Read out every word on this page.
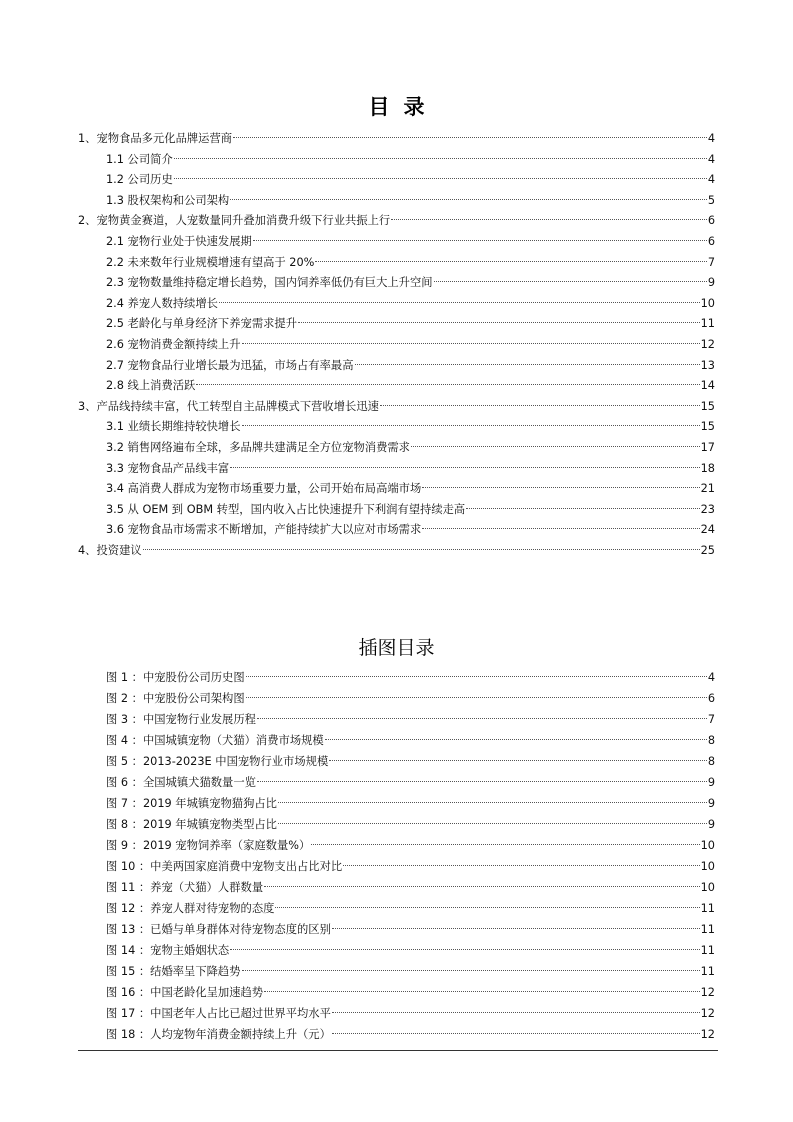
目录
1、宠物食品多元化品牌运营商	4
1.1 公司简介	4
1.2 公司历史	4
1.3 股权架构和公司架构	5
2、宠物黄金赛道，人宠数量同升叠加消费升级下行业共振上行	6
2.1 宠物行业处于快速发展期	6
2.2 未来数年行业规模增速有望高于 20%	7
2.3 宠物数量维持稳定增长趋势，国内饲养率低仍有巨大上升空间	9
2.4 养宠人数持续增长	10
2.5 老龄化与单身经济下养宠需求提升	11
2.6 宠物消费金额持续上升	12
2.7 宠物食品行业增长最为迅猛，市场占有率最高	13
2.8 线上消费活跃	14
3、产品线持续丰富，代工转型自主品牌模式下营收增长迅速	15
3.1 业绩长期维持较快增长	15
3.2 销售网络遍布全球，多品牌共建满足全方位宠物消费需求	17
3.3 宠物食品产品线丰富	18
3.4 高消费人群成为宠物市场重要力量，公司开始布局高端市场	21
3.5 从 OEM 到 OBM 转型，国内收入占比快速提升下利润有望持续走高	23
3.6 宠物食品市场需求不断增加，产能持续扩大以应对市场需求	24
4、投资建议	25
插图目录
图 1 ：中宠股份公司历史图	4
图 2 ：中宠股份公司架构图	6
图 3 ：中国宠物行业发展历程	7
图 4 ：中国城镇宠物（犬猫）消费市场规模	8
图 5 ：2013-2023E 中国宠物行业市场规模	8
图 6 ：全国城镇犬猫数量一览	9
图 7 ：2019 年城镇宠物猫狗占比	9
图 8 ：2019 年城镇宠物类型占比	9
图 9 ：2019 宠物饲养率（家庭数量%）	10
图 10 ：中美两国家庭消费中宠物支出占比对比	10
图 11 ：养宠（犬猫）人群数量	10
图 12 ：养宠人群对待宠物的态度	11
图 13 ：已婚与单身群体对待宠物态度的区别	11
图 14 ：宠物主婚姻状态	11
图 15 ：结婚率呈下降趋势	11
图 16 ：中国老龄化呈加速趋势	12
图 17 ：中国老年人占比已超过世界平均水平	12
图 18 ：人均宠物年消费金额持续上升（元）	12
